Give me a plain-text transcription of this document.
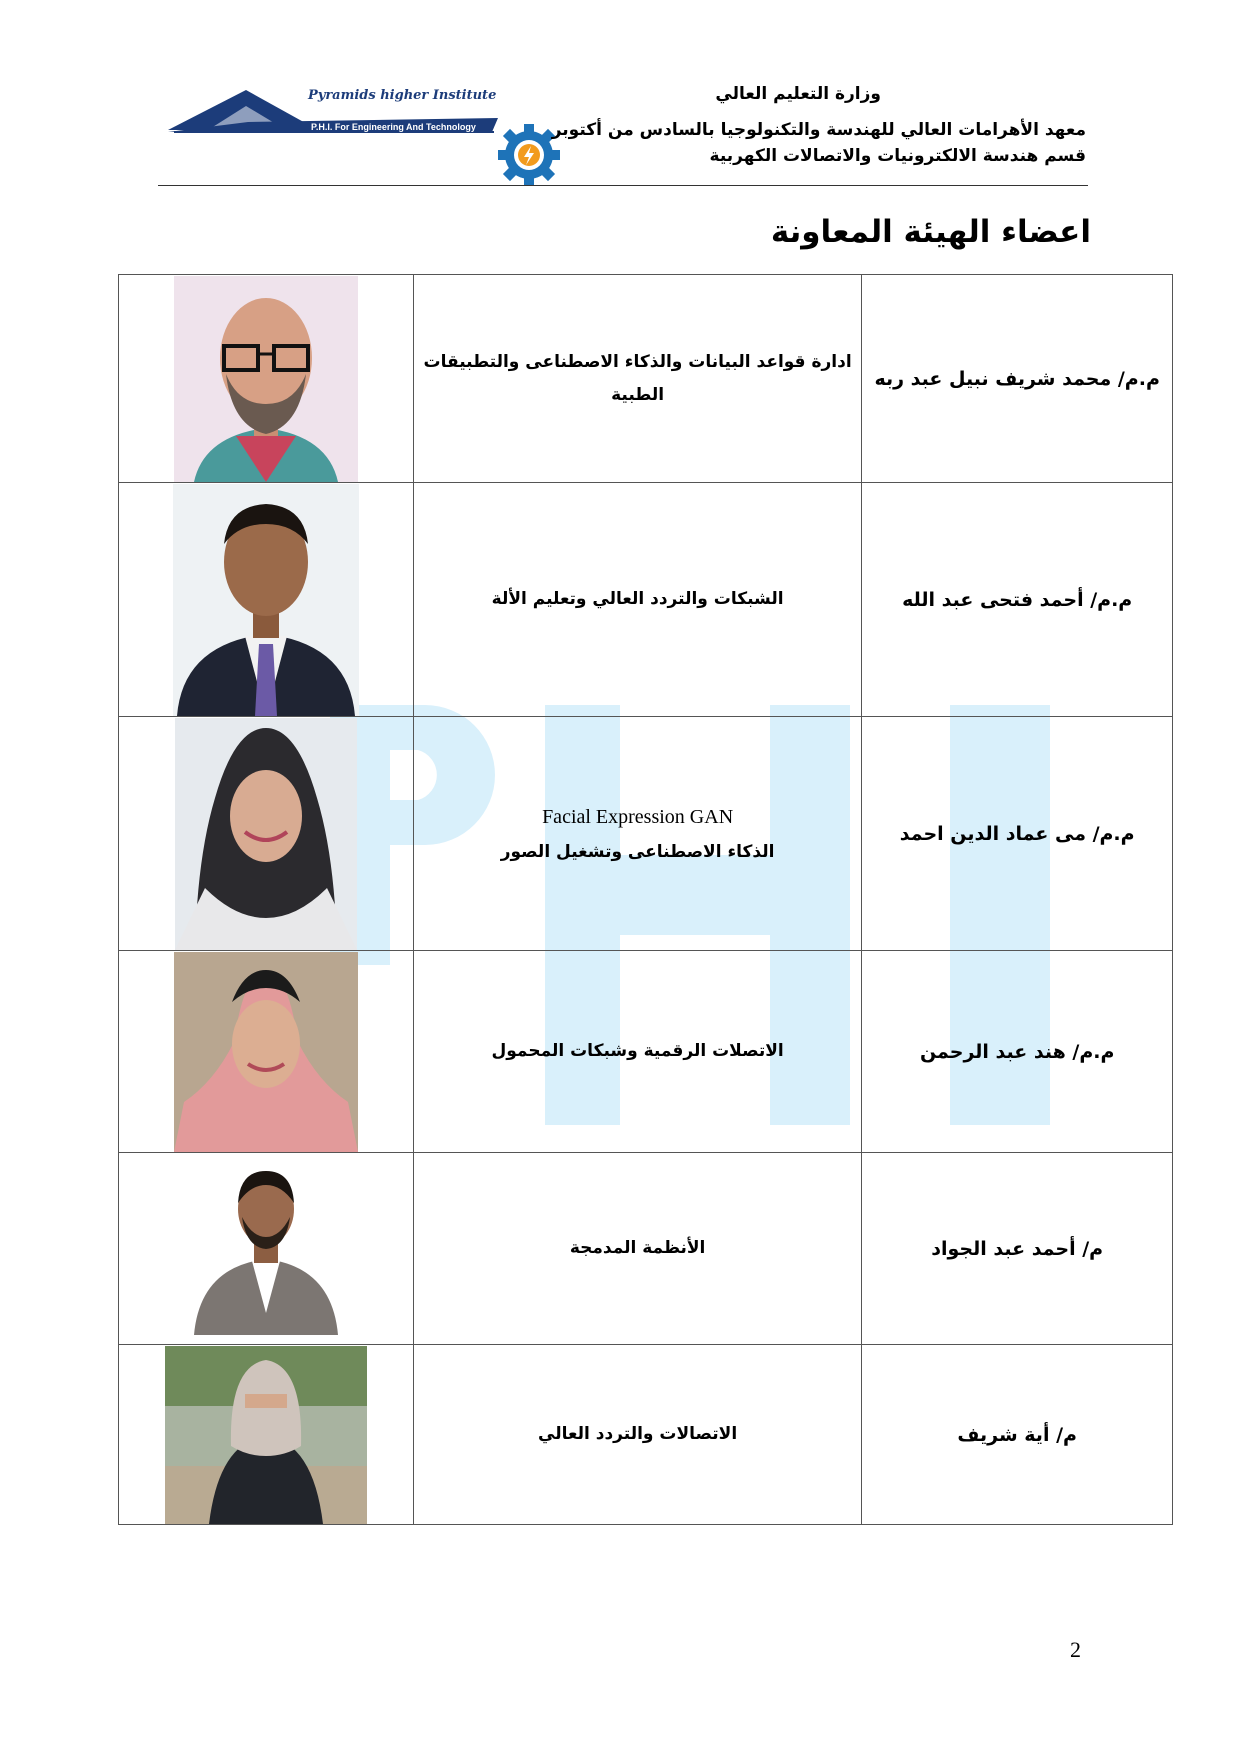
Pyramids higher Institute
P.H.I. For Engineering And Technology
وزارة التعليم العالي
معهد الأهرامات العالي للهندسة والتكنولوجيا بالسادس من أكتوبر
قسم هندسة الالكترونيات والاتصالات الكهربية
اعضاء الهيئة المعاونة
	ادارة قواعد البيانات والذكاء الاصطناعى والتطبيقات الطبية	م.م/ محمد شريف نبيل عبد ربه

	الشبكات والتردد العالي وتعليم الألة	م.م/ أحمد فتحى عبد الله

Facial Expression GAN
الذكاء الاصطناعى وتشغيل الصور	م.م/ مى عماد الدين احمد

	الاتصلات الرقمية وشبكات المحمول	م.م/ هند عبد الرحمن

	الأنظمة المدمجة	م/ أحمد عبد الجواد

	الاتصالات والتردد العالي	م/ أية شريف
2
